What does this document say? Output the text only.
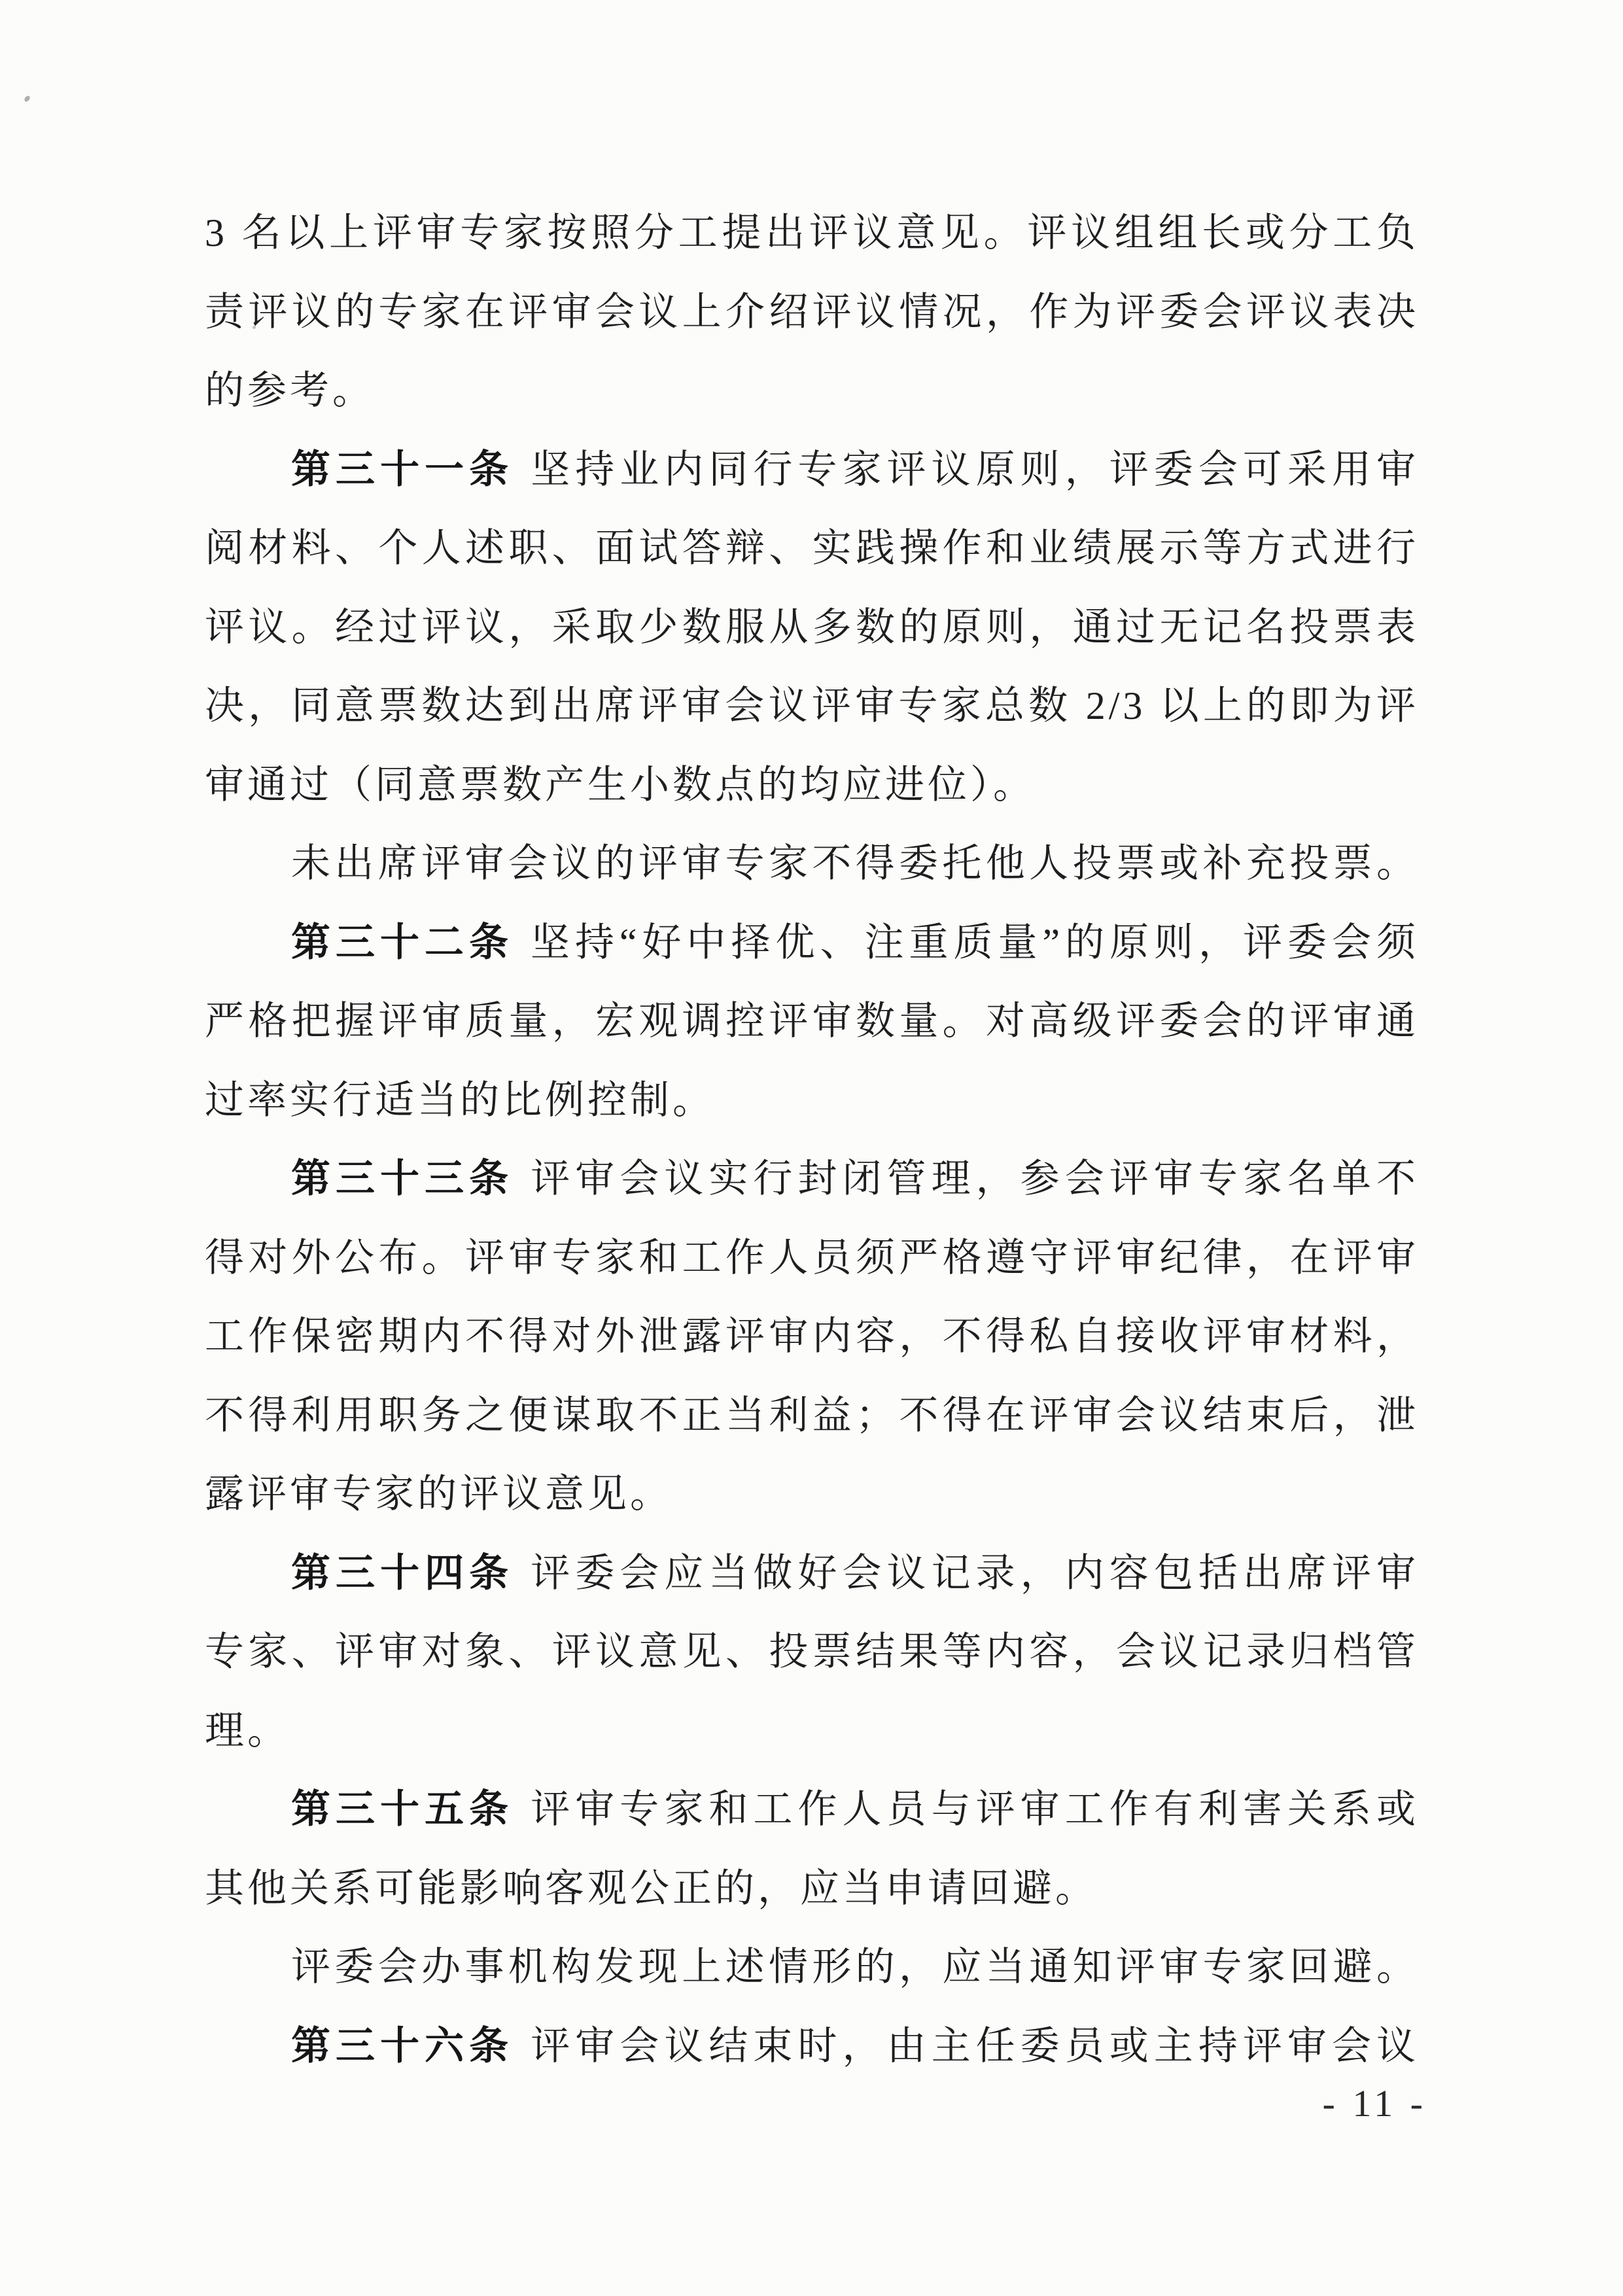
3 名以上评审专家按照分工提出评议意见。评议组组长或分工负
责评议的专家在评审会议上介绍评议情况，作为评委会评议表决
的参考。
第三十一条 坚持业内同行专家评议原则，评委会可采用审
阅材料、个人述职、面试答辩、实践操作和业绩展示等方式进行
评议。经过评议，采取少数服从多数的原则，通过无记名投票表
决，同意票数达到出席评审会议评审专家总数 2/3 以上的即为评
审通过（同意票数产生小数点的均应进位）。
未出席评审会议的评审专家不得委托他人投票或补充投票。
第三十二条 坚持“好中择优、注重质量”的原则，评委会须
严格把握评审质量，宏观调控评审数量。对高级评委会的评审通
过率实行适当的比例控制。
第三十三条 评审会议实行封闭管理，参会评审专家名单不
得对外公布。评审专家和工作人员须严格遵守评审纪律，在评审
工作保密期内不得对外泄露评审内容，不得私自接收评审材料，
不得利用职务之便谋取不正当利益；不得在评审会议结束后，泄
露评审专家的评议意见。
第三十四条 评委会应当做好会议记录，内容包括出席评审
专家、评审对象、评议意见、投票结果等内容，会议记录归档管
理。
第三十五条 评审专家和工作人员与评审工作有利害关系或
其他关系可能影响客观公正的，应当申请回避。
评委会办事机构发现上述情形的，应当通知评审专家回避。
第三十六条 评审会议结束时，由主任委员或主持评审会议
- 11 -
